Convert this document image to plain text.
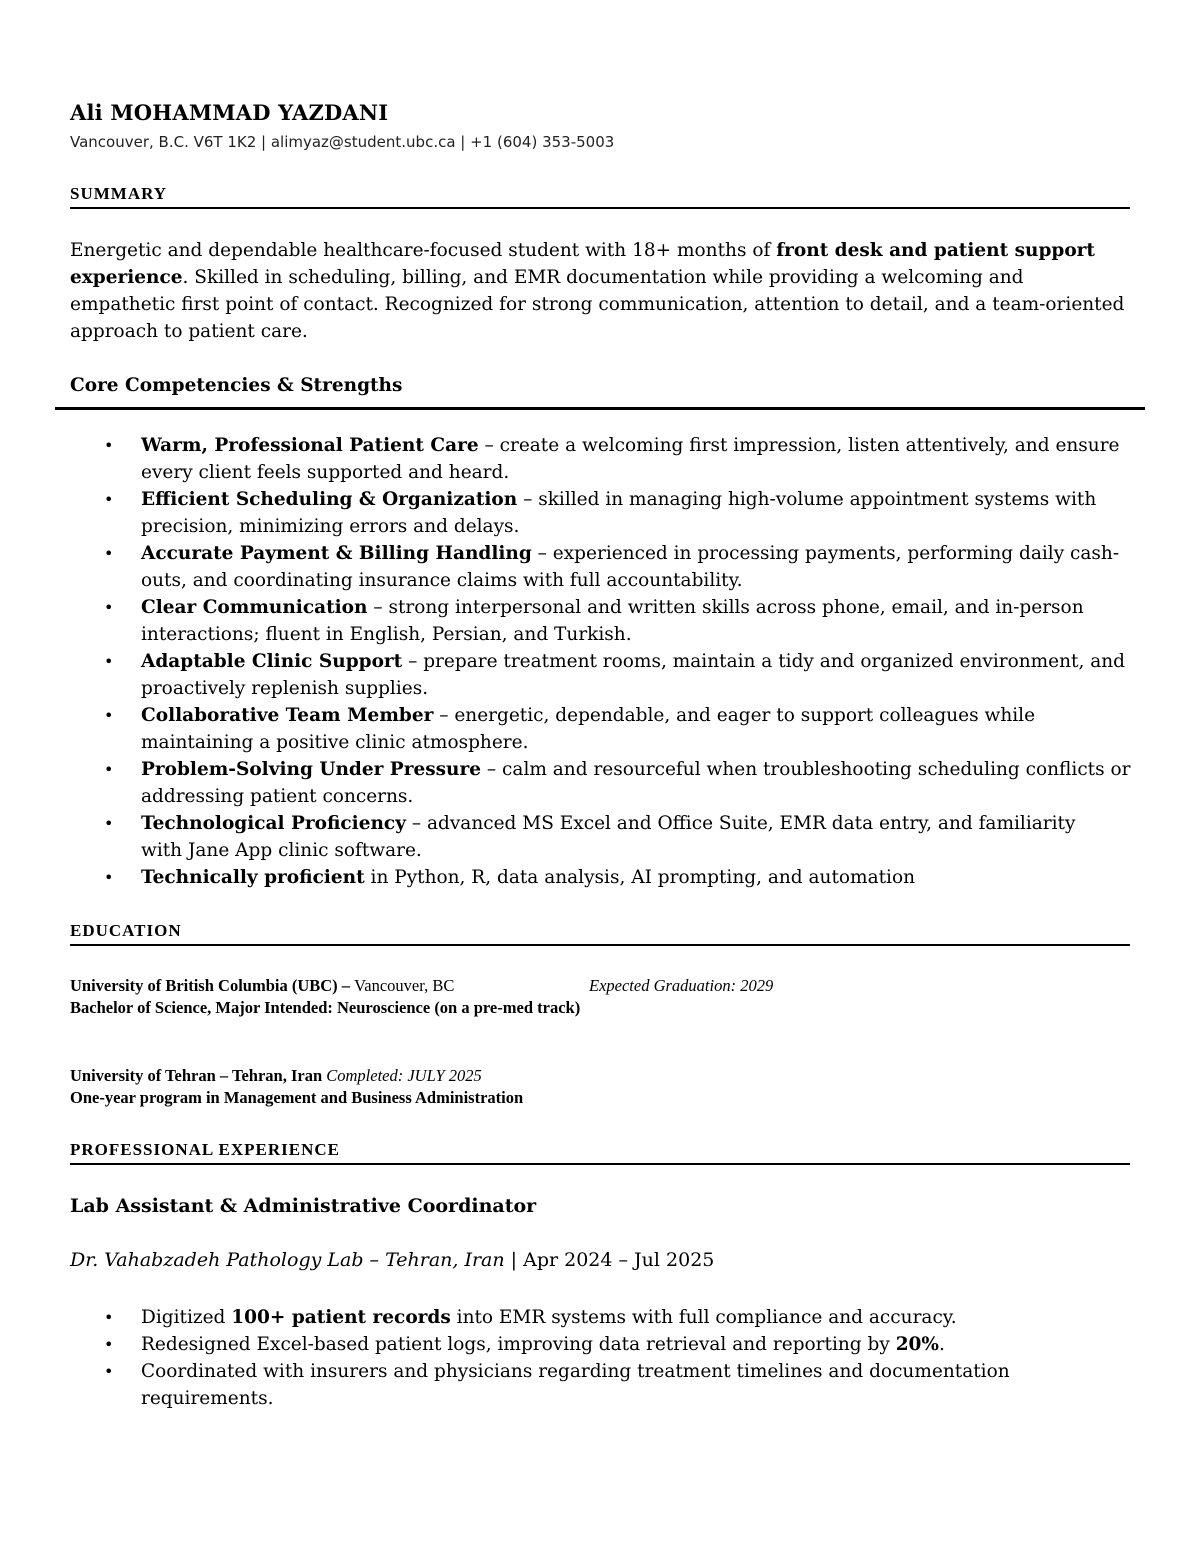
Ali MOHAMMAD YAZDANI
Vancouver, B.C. V6T 1K2 | alimyaz@student.ubc.ca | +1 (604) 353-5003
SUMMARY
Energetic and dependable healthcare-focused student with 18+ months of front desk and patient support experience. Skilled in scheduling, billing, and EMR documentation while providing a welcoming and empathetic first point of contact. Recognized for strong communication, attention to detail, and a team-oriented approach to patient care.
Core Competencies & Strengths
• Warm, Professional Patient Care – create a welcoming first impression, listen attentively, and ensure
every client feels supported and heard.
• Efficient Scheduling & Organization – skilled in managing high-volume appointment systems with
precision, minimizing errors and delays.
• Accurate Payment & Billing Handling – experienced in processing payments, performing daily cash-
outs, and coordinating insurance claims with full accountability.
• Clear Communication – strong interpersonal and written skills across phone, email, and in-person
interactions; fluent in English, Persian, and Turkish.
• Adaptable Clinic Support – prepare treatment rooms, maintain a tidy and organized environment, and
proactively replenish supplies.
• Collaborative Team Member – energetic, dependable, and eager to support colleagues while
maintaining a positive clinic atmosphere.
• Problem-Solving Under Pressure – calm and resourceful when troubleshooting scheduling conflicts or
addressing patient concerns.
• Technological Proficiency – advanced MS Excel and Office Suite, EMR data entry, and familiarity
with Jane App clinic software.
• Technically proficient in Python, R, data analysis, AI prompting, and automation
EDUCATION
University of British Columbia (UBC) – Vancouver, BC	Expected Graduation: 2029
Bachelor of Science, Major Intended: Neuroscience (on a pre-med track)
University of Tehran – Tehran, Iran Completed: JULY 2025
One-year program in Management and Business Administration
PROFESSIONAL EXPERIENCE
Lab Assistant & Administrative Coordinator
Dr. Vahabzadeh Pathology Lab – Tehran, Iran | Apr 2024 – Jul 2025
• Digitized 100+ patient records into EMR systems with full compliance and accuracy.
• Redesigned Excel-based patient logs, improving data retrieval and reporting by 20%.
• Coordinated with insurers and physicians regarding treatment timelines and documentation
requirements.
